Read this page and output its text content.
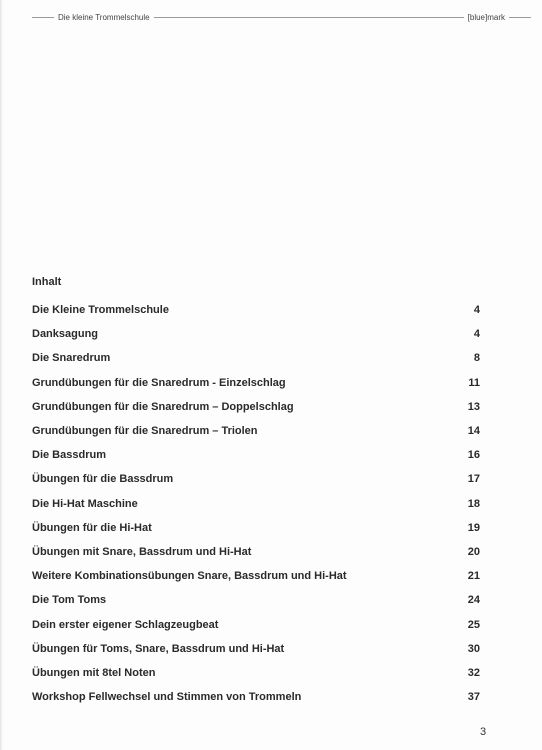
Die kleine Trommelschule	[blue]mark
Inhalt
Die Kleine Trommelschule	4
Danksagung	4
Die Snaredrum	8
Grundübungen für die Snaredrum - Einzelschlag	11
Grundübungen für die Snaredrum – Doppelschlag	13
Grundübungen für die Snaredrum – Triolen	14
Die Bassdrum	16
Übungen für die Bassdrum	17
Die Hi-Hat Maschine	18
Übungen für die Hi-Hat	19
Übungen mit Snare, Bassdrum und Hi-Hat	20
Weitere Kombinationsübungen Snare, Bassdrum und Hi-Hat	21
Die Tom Toms	24
Dein erster eigener Schlagzeugbeat	25
Übungen für Toms, Snare, Bassdrum und Hi-Hat	30
Übungen mit 8tel Noten	32
Workshop Fellwechsel und Stimmen von Trommeln	37
3
